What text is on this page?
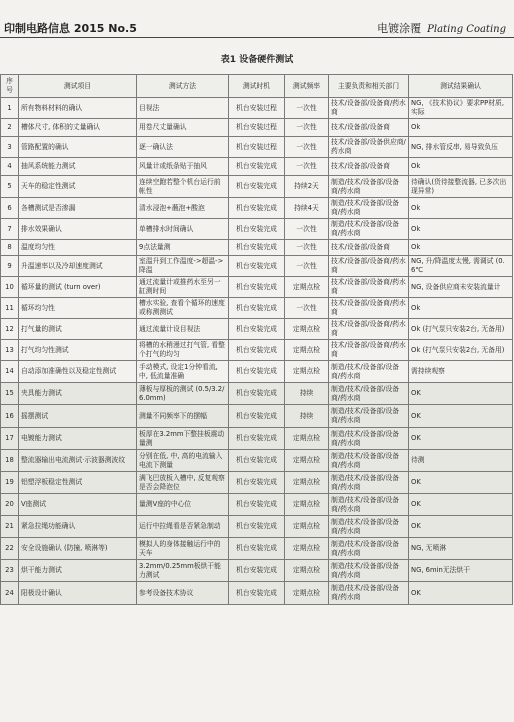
印制电路信息 2015 No.5	电镀涂覆 Plating Coating
表1 设备硬件测试
序号	测试项目	测试方法	测试时机	测试频率	主要负责和相关部门	测试结果确认
1	所有物料材料的确认	目视法	机台安装过程	一次性	技术/设备部/设备商/药水商	NG, 《技术协议》要求PP材质, 实际
2	槽体尺寸, 体积的丈量确认	用卷尺丈量确认	机台安装过程	一次性	技术/设备部/设备商	Ok
3	管路配置的确认	逐一确认法	机台安装过程	一次性	技术/设备部/设备供应商/药水商	NG, 排水管反串, 易导致负压
4	抽风系统能力测试	风量计或纸条贴于抽风	机台安装完成	一次性	技术/设备部/设备商	Ok
5	天车的稳定性测试	连续空跑若整个机台运行前帐性	机台安装完成	持续2天	制造/技术/设备部/设备商/药水商	待确认(货待接整流器, 已多次出现异常)
6	各槽测试是否渗漏	清水浸泡+蘸泡+酸泡	机台安装完成	持续4天	制造/技术/设备部/设备商/药水商	Ok
7	排水效果确认	单槽排水时间确认	机台安装完成	一次性	制造/技术/设备部/设备商/药水商	Ok
8	温度均匀性	9点法量测	机台安装完成	一次性	技术/设备部/设备商	Ok
9	升温速率以及冷却速度测试	室温升到工作温度->超温->降温	机台安装完成	一次性	技术/设备部/设备商/药水商	NG, 升/降温度太慢, 需调试 (0.6℃
10	循环量的测试 (turn over)	通过流量计或推药水至另一缸测时间	机台安装完成	定期点检	技术/设备部/设备商/药水商	NG, 设备供应商未安装流量计
11	循环均匀性	槽水实验, 查看个循环的速度或称测测试	机台安装完成	一次性	技术/设备部/设备商/药水商	Ok
12	打气量的测试	通过流量计设目视法	机台安装完成	定期点检	技术/设备部/设备商/药水商	Ok (打气泵只安装2台, 无备用)
13	打气均匀性测试	将槽的水稍漫过打气管, 看整个打气的均匀	机台安装完成	定期点检	技术/设备部/设备商/药水商	Ok (打气泵只安装2台, 无备用)
14	自动添加准确性以及稳定性测试	手动模式, 设定1分钟看流, 中, 低流量准确	机台安装完成	定期点检	制造/技术/设备部/设备商/药水商	需持续观察
15	夹具能力测试	薄板与厚板的测试 (0.5/3.2/6.0mm)	机台安装完成	持续	制造/技术/设备部/设备商/药水商	OK
16	摇摆测试	测量不同频率下的摆幅	机台安装完成	持续	制造/技术/设备部/设备商/药水商	OK
17	电镀能力测试	板厚在3.2mm下整挂板震动量测	机台安装完成	定期点检	制造/技术/设备部/设备商/药水商	OK
18	整流器输出电流测试·示波器测波纹	分别在低, 中, 高的电流输入电流下测量	机台安装完成	定期点检	制造/技术/设备部/设备商/药水商	待测
19	铝塑浮板稳定性测试	满飞巴放板入槽中, 反复观察是否会降泡位	机台安装完成	定期点检	制造/技术/设备部/设备商/药水商	OK
20	V座测试	量测V座的中心位	机台安装完成	定期点检	制造/技术/设备部/设备商/药水商	OK
21	紧急拉绳功能确认	运行中拉绳看是否紧急制动	机台安装完成	定期点检	制造/技术/设备部/设备商/药水商	OK
22	安全设施确认 (防撞, 喷淋等)	模拟人的身体接触运行中的天车	机台安装完成	定期点检	制造/技术/设备部/设备商/药水商	NG, 无喷淋
23	烘干能力测试	3.2mm/0.25mm板烘干能力测试	机台安装完成	定期点检	制造/技术/设备部/设备商/药水商	NG, 6min无法烘干
24	阳极设计确认	参考设备技术协议	机台安装完成	定期点检	制造/技术/设备部/设备商/药水商	OK
